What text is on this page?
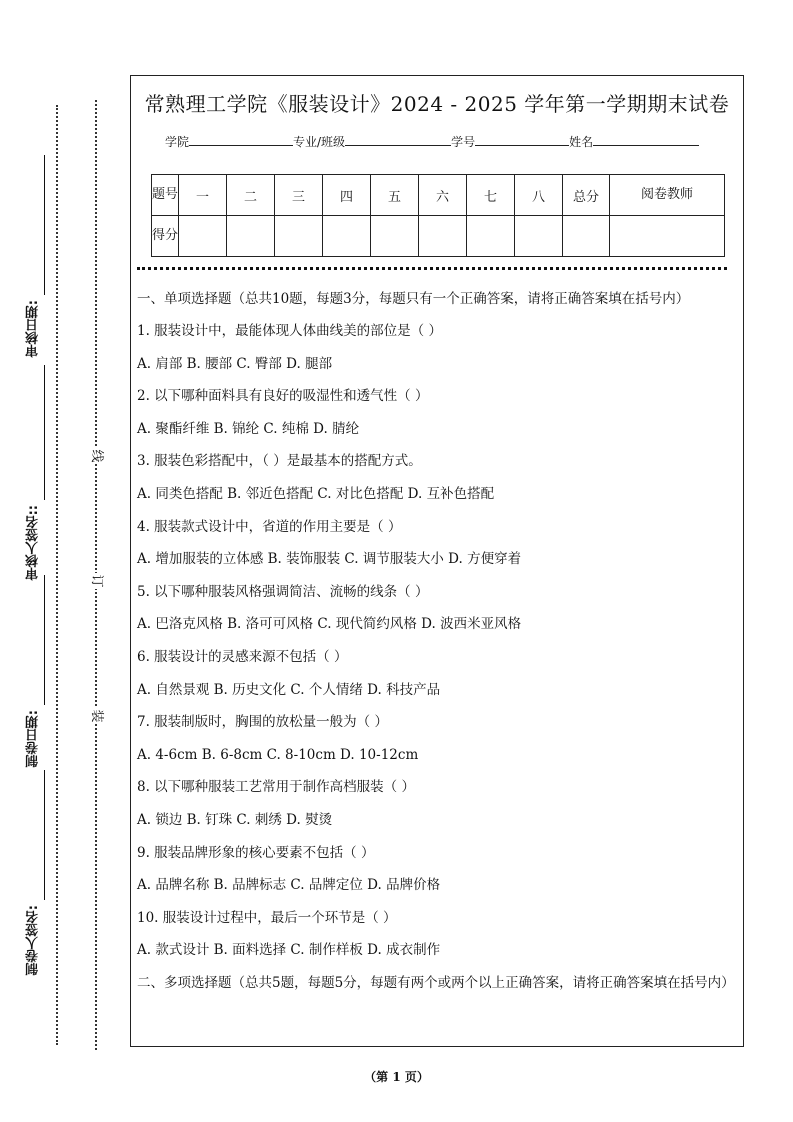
审核日期:
审核人签名::
制卷日期:
制卷人签名:
线
订
装
常熟理工学院《服装设计》2024 - 2025 学年第一学期期末试卷
学院	专业/班级	学号	姓名
题号	一	二	三	四	五	六	七	八	总分	阅卷教师
得分										

一、单项选择题（总共10题，每题3分，每题只有一个正确答案，请将正确答案填在括号内）

1. 服装设计中，最能体现人体曲线美的部位是（ ）

A. 肩部 B. 腰部 C. 臀部 D. 腿部

2. 以下哪种面料具有良好的吸湿性和透气性（ ）

A. 聚酯纤维 B. 锦纶 C. 纯棉 D. 腈纶

3. 服装色彩搭配中，（ ）是最基本的搭配方式。

A. 同类色搭配 B. 邻近色搭配 C. 对比色搭配 D. 互补色搭配

4. 服装款式设计中，省道的作用主要是（ ）

A. 增加服装的立体感 B. 装饰服装 C. 调节服装大小 D. 方便穿着

5. 以下哪种服装风格强调简洁、流畅的线条（ ）

A. 巴洛克风格 B. 洛可可风格 C. 现代简约风格 D. 波西米亚风格

6. 服装设计的灵感来源不包括（ ）

A. 自然景观 B. 历史文化 C. 个人情绪 D. 科技产品

7. 服装制版时，胸围的放松量一般为（ ）

A. 4-6cm B. 6-8cm C. 8-10cm D. 10-12cm

8. 以下哪种服装工艺常用于制作高档服装（ ）

A. 锁边 B. 钉珠 C. 刺绣 D. 熨烫

9. 服装品牌形象的核心要素不包括（ ）

A. 品牌名称 B. 品牌标志 C. 品牌定位 D. 品牌价格

10. 服装设计过程中，最后一个环节是（ ）

A. 款式设计 B. 面料选择 C. 制作样板 D. 成衣制作

二、多项选择题（总共5题，每题5分，每题有两个或两个以上正确答案，请将正确答案填在括号内）

（第 1 页）
